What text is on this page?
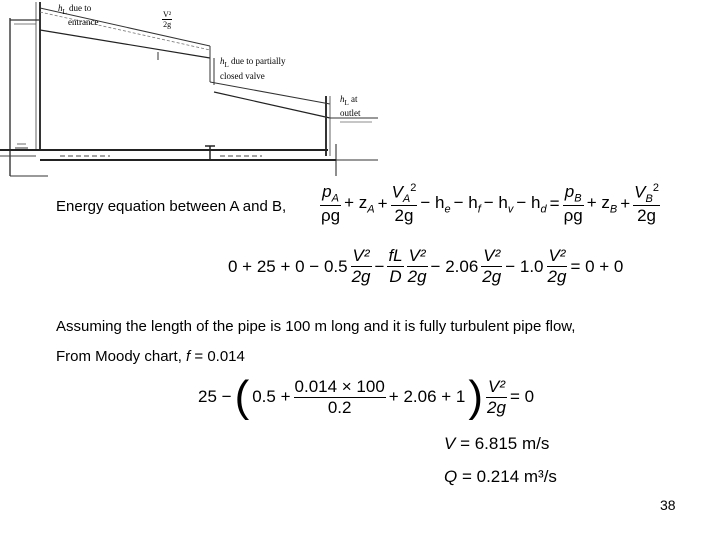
$h_L$ due to
entrance	$\frac{\text{V²}}{2g}$
$h_L$ due to partially
closed valve
$h_L$ at
outlet
Energy equation between A and B, $\frac{p_A}{\rho g} + z_A + \frac{V_A^2}{2g} - h_e - h_f - h_v - h_d = \frac{p_B}{\rho g} + z_B + \frac{V_B^2}{2g}$
$0 + 25 + 0 - 0.5 \frac{\text{V²}}{2g} - \frac{fL}{D} \frac{\text{V²}}{2g} - 2.06 \frac{\text{V²}}{2g} - 1.0 \frac{\text{V²}}{2g} = 0 + 0$
Assuming the length of the pipe is 100 m long and it is fully turbulent pipe flow,
From Moody chart, f = 0.014
25 − ( $0.5 + \frac{0.014 \times 100}{0.2} + 2.06 + 1$ ) $\frac{\text{V²}}{2g} = 0$
V = 6.815 m/s
Q = 0.214 m³/s
38
